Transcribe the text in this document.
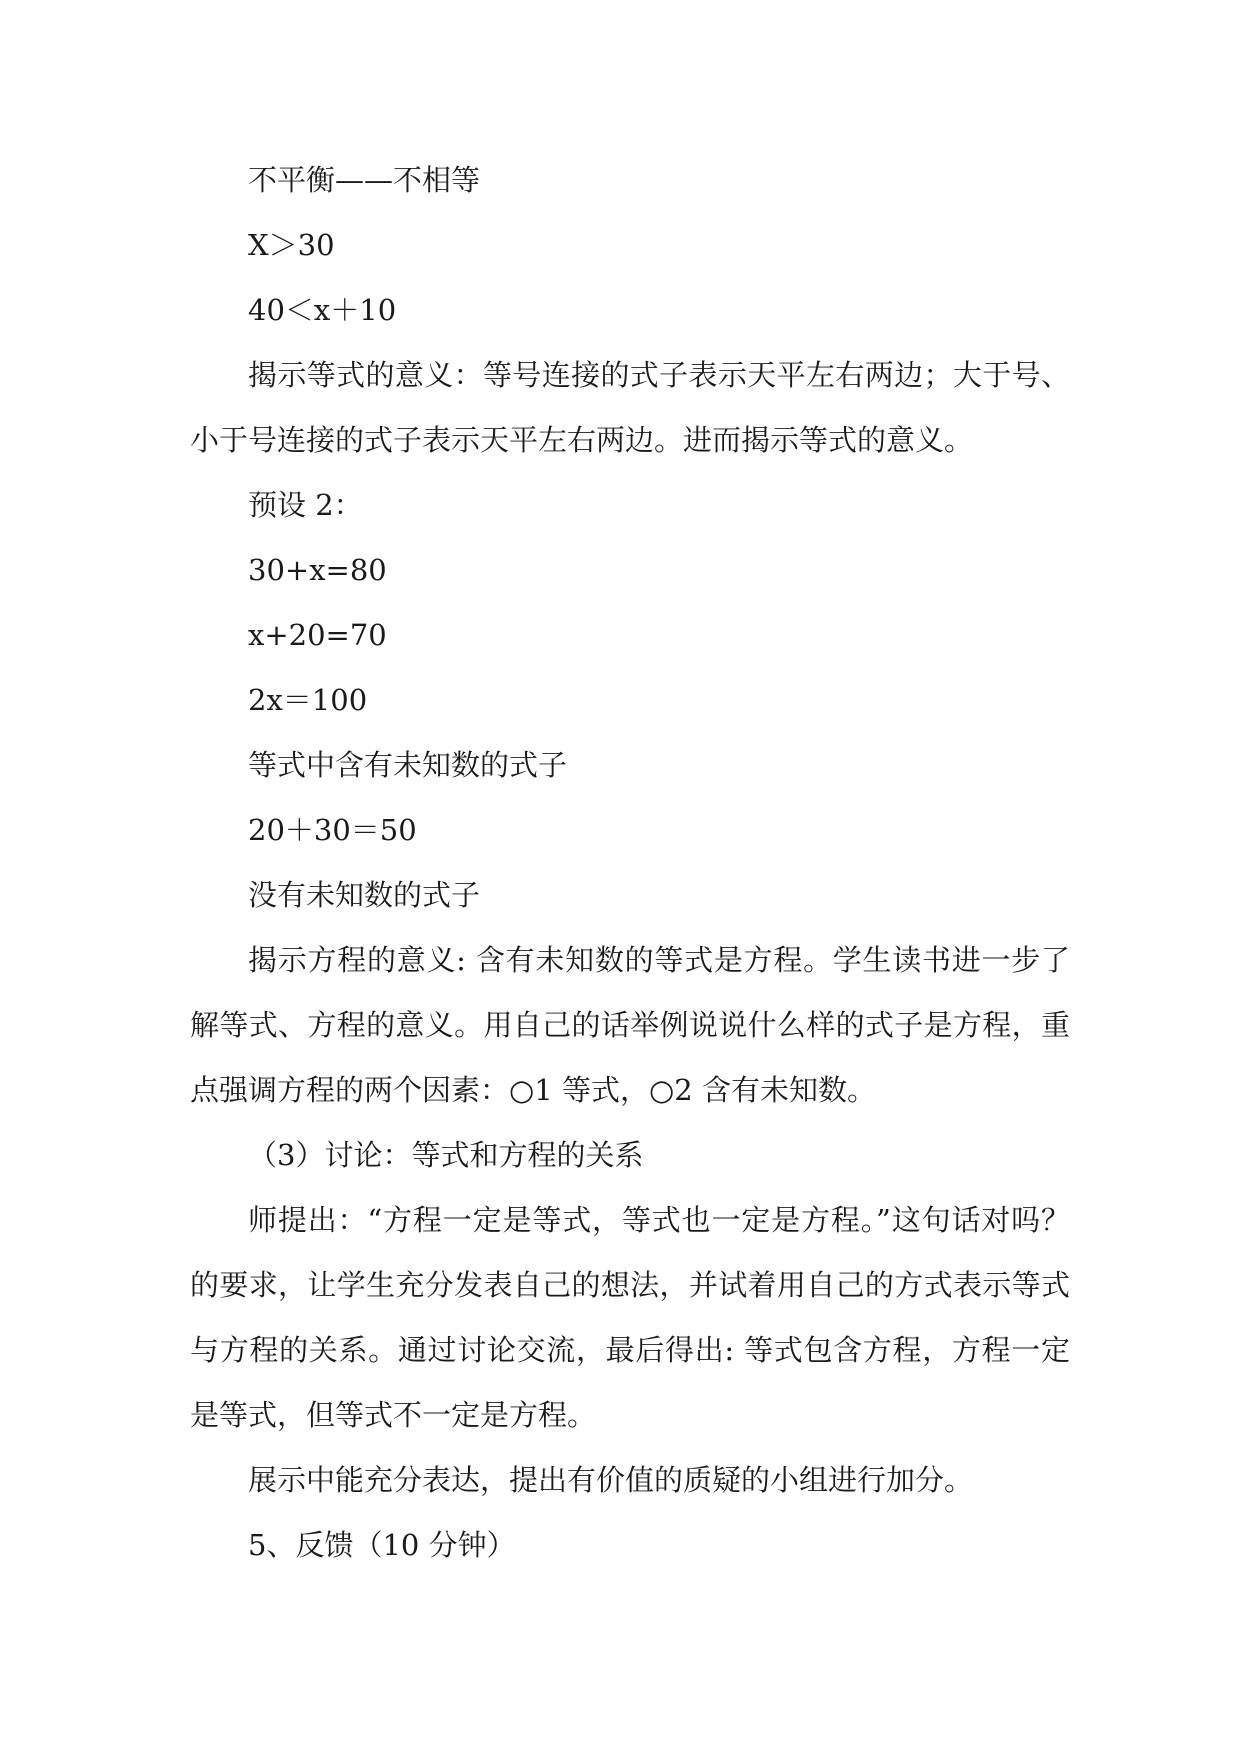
不平衡——不相等

X＞30

40＜x＋10

揭示等式的意义：等号连接的式子表示天平左右两边；大于号、小于号连接的式子表示天平左右两边。进而揭示等式的意义。

预设 2：

30+x=80

x+20=70

2x＝100

等式中含有未知数的式子

20＋30＝50

没有未知数的式子

揭示方程的意义: 含有未知数的等式是方程。学生读书进一步了解等式、方程的意义。用自己的话举例说说什么样的式子是方程，重点强调方程的两个因素：○1 等式，○2 含有未知数。

（3）讨论：等式和方程的关系

师提出：“方程一定是等式，等式也一定是方程。”这句话对吗？的要求，让学生充分发表自己的想法，并试着用自己的方式表示等式与方程的关系。通过讨论交流，最后得出: 等式包含方程，方程一定是等式，但等式不一定是方程。

展示中能充分表达，提出有价值的质疑的小组进行加分。

5、反馈（10 分钟）
